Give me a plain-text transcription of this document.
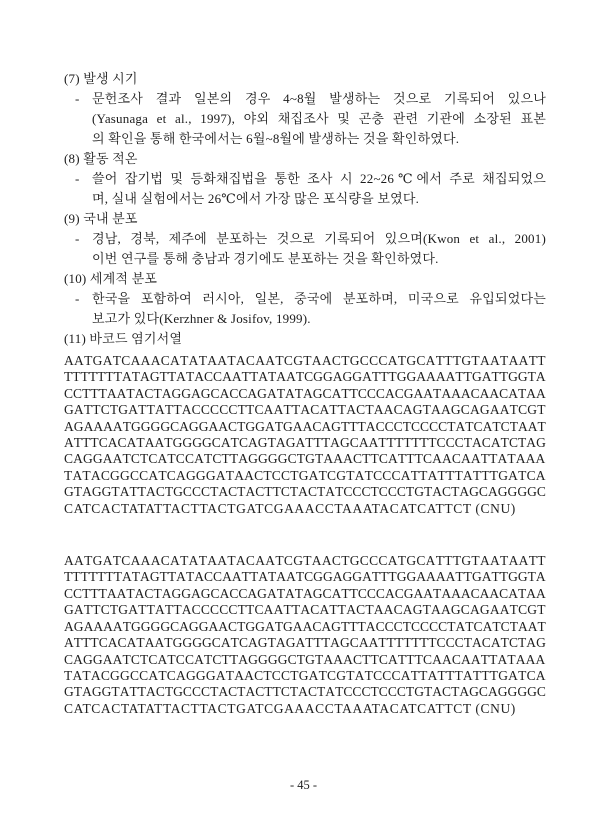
(7) 발생 시기
- 문헌조사 결과 일본의 경우 4~8월 발생하는 것으로 기록되어 있으나
(Yasunaga et al., 1997), 야외 채집조사 및 곤충 관련 기관에 소장된 표본
의 확인을 통해 한국에서는 6월~8월에 발생하는 것을 확인하였다.
(8) 활동 적온
- 쓸어 잡기법 및 등화채집법을 통한 조사 시 22~26℃에서 주로 채집되었으
며, 실내 실험에서는 26℃에서 가장 많은 포식량을 보였다.
(9) 국내 분포
- 경남, 경북, 제주에 분포하는 것으로 기록되어 있으며(Kwon et al., 2001)
이번 연구를 통해 충남과 경기에도 분포하는 것을 확인하였다.
(10) 세계적 분포
- 한국을 포함하여 러시아, 일본, 중국에 분포하며, 미국으로 유입되었다는
보고가 있다(Kerzhner & Josifov, 1999).
(11) 바코드 염기서열
A A T G A T C A A A C A T A T A A T A C A A T C G T A A C T G C C C A T G C A T T T G T A A T A A T T
T T T T T T T A T A G T T A T A C C A A T T A T A A T C G G A G G A T T T G G A A A A T T G A T T G G T A
C C T T T A A T A C T A G G A G C A C C A G A T A T A G C A T T C C C A C G A A T A A A C A A C A T A A
G A T T C T G A T T A T T A C C C C C T T C A A T T A C A T T A C T A A C A G T A A G C A G A A T C G T
A G A A A A T G G G G C A G G A A C T G G A T G A A C A G T T T A C C C T C C C C T A T C A T C T A A T
A T T T C A C A T A A T G G G G C A T C A G T A G A T T T A G C A A T T T T T T T C C C T A C A T C T A G
C A G G A A T C T C A T C C A T C T T A G G G G C T G T A A A C T T C A T T T C A A C A A T T A T A A A
T A T A C G G C C A T C A G G G A T A A C T C C T G A T C G T A T C C C A T T A T T T A T T T G A T C A
G T A G G T A T T A C T G C C C T A C T A C T T C T A C T A T C C C T C C C T G T A C T A G C A G G G G C
CATCACTATATTACTTACTGATCGAAACCTAAATACATCATTCT (CNU)
A A T G A T C A A A C A T A T A A T A C A A T C G T A A C T G C C C A T G C A T T T G T A A T A A T T
T T T T T T T A T A G T T A T A C C A A T T A T A A T C G G A G G A T T T G G A A A A T T G A T T G G T A
C C T T T A A T A C T A G G A G C A C C A G A T A T A G C A T T C C C A C G A A T A A A C A A C A T A A
G A T T C T G A T T A T T A C C C C C T T C A A T T A C A T T A C T A A C A G T A A G C A G A A T C G T
A G A A A A T G G G G C A G G A A C T G G A T G A A C A G T T T A C C C T C C C C T A T C A T C T A A T
A T T T C A C A T A A T G G G G C A T C A G T A G A T T T A G C A A T T T T T T T C C C T A C A T C T A G
C A G G A A T C T C A T C C A T C T T A G G G G C T G T A A A C T T C A T T T C A A C A A T T A T A A A
T A T A C G G C C A T C A G G G A T A A C T C C T G A T C G T A T C C C A T T A T T T A T T T G A T C A
G T A G G T A T T A C T G C C C T A C T A C T T C T A C T A T C C C T C C C T G T A C T A G C A G G G G C
CATCACTATATTACTTACTGATCGAAACCTAAATACATCATTCT (CNU)
- 45 -
